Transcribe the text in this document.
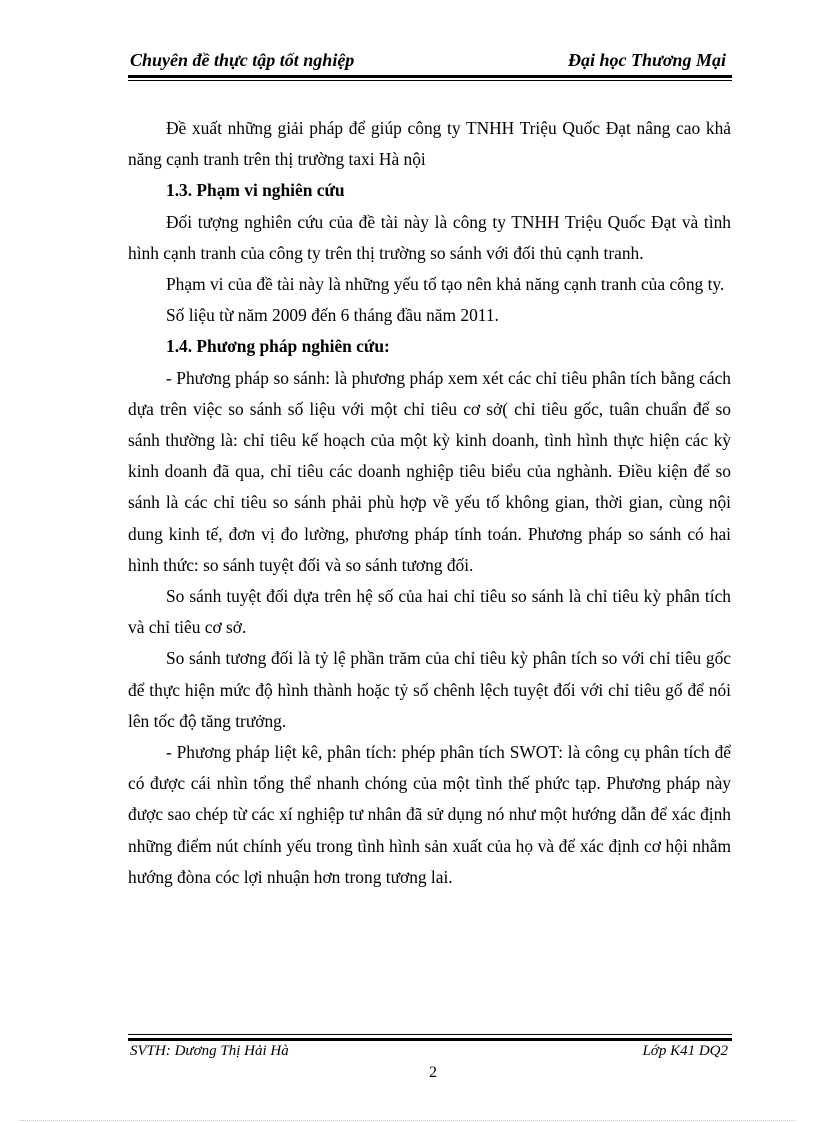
Chuyên đề thực tập tốt nghiệp	Đại học Thương Mại

Đề xuất những giải pháp để giúp công ty TNHH Triệu Quốc Đạt nâng cao khả năng cạnh tranh trên thị trường taxi Hà nội

1.3. Phạm vi nghiên cứu

Đối tượng nghiên cứu của đề tài này là công ty TNHH Triệu Quốc Đạt và tình hình cạnh tranh của công ty trên thị trường so sánh với đối thủ cạnh tranh.

Phạm vi của đề tài này là những yếu tố tạo nên khả năng cạnh tranh của công ty.

Số liệu từ năm 2009 đến 6 tháng đầu năm 2011.

1.4. Phương pháp nghiên cứu:

- Phương pháp so sánh: là phương pháp xem xét các chỉ tiêu phân tích bằng cách dựa trên việc so sánh số liệu với một chỉ tiêu cơ sở( chỉ tiêu gốc, tuân chuẩn để so sánh thường là: chỉ tiêu kế hoạch của một kỳ kinh doanh, tình hình thực hiện các kỳ kinh doanh đã qua, chỉ tiêu các doanh nghiệp tiêu biểu của nghành. Điều kiện để so sánh là các chỉ tiêu so sánh phải phù hợp về yếu tố không gian, thời gian, cùng nội dung kinh tế, đơn vị đo lường, phương pháp tính toán. Phương pháp so sánh có hai hình thức: so sánh tuyệt đối và so sánh tương đối.

So sánh tuyệt đối dựa trên hệ số của hai chỉ tiêu so sánh là chỉ tiêu kỳ phân tích và chỉ tiêu cơ sở.

So sánh tương đối là tỷ lệ phần trăm của chỉ tiêu kỳ phân tích so với chỉ tiêu gốc để thực hiện mức độ hình thành hoặc tỷ số chênh lệch tuyệt đối với chỉ tiêu gố để nói lên tốc độ tăng trưởng.

- Phương pháp liệt kê, phân tích: phép phân tích SWOT: là công cụ phân tích để có được cái nhìn tổng thể nhanh chóng của một tình thế phức tạp. Phương pháp này được sao chép từ các xí nghiệp tư nhân đã sử dụng nó như một hướng dẫn để xác định những điểm nút chính yếu trong tình hình sản xuất của họ và để xác định cơ hội nhằm hướng đòna cóc lợi nhuận hơn trong tương lai.

SVTH: Dương Thị Hải Hà	Lớp K41 DQ2
2
